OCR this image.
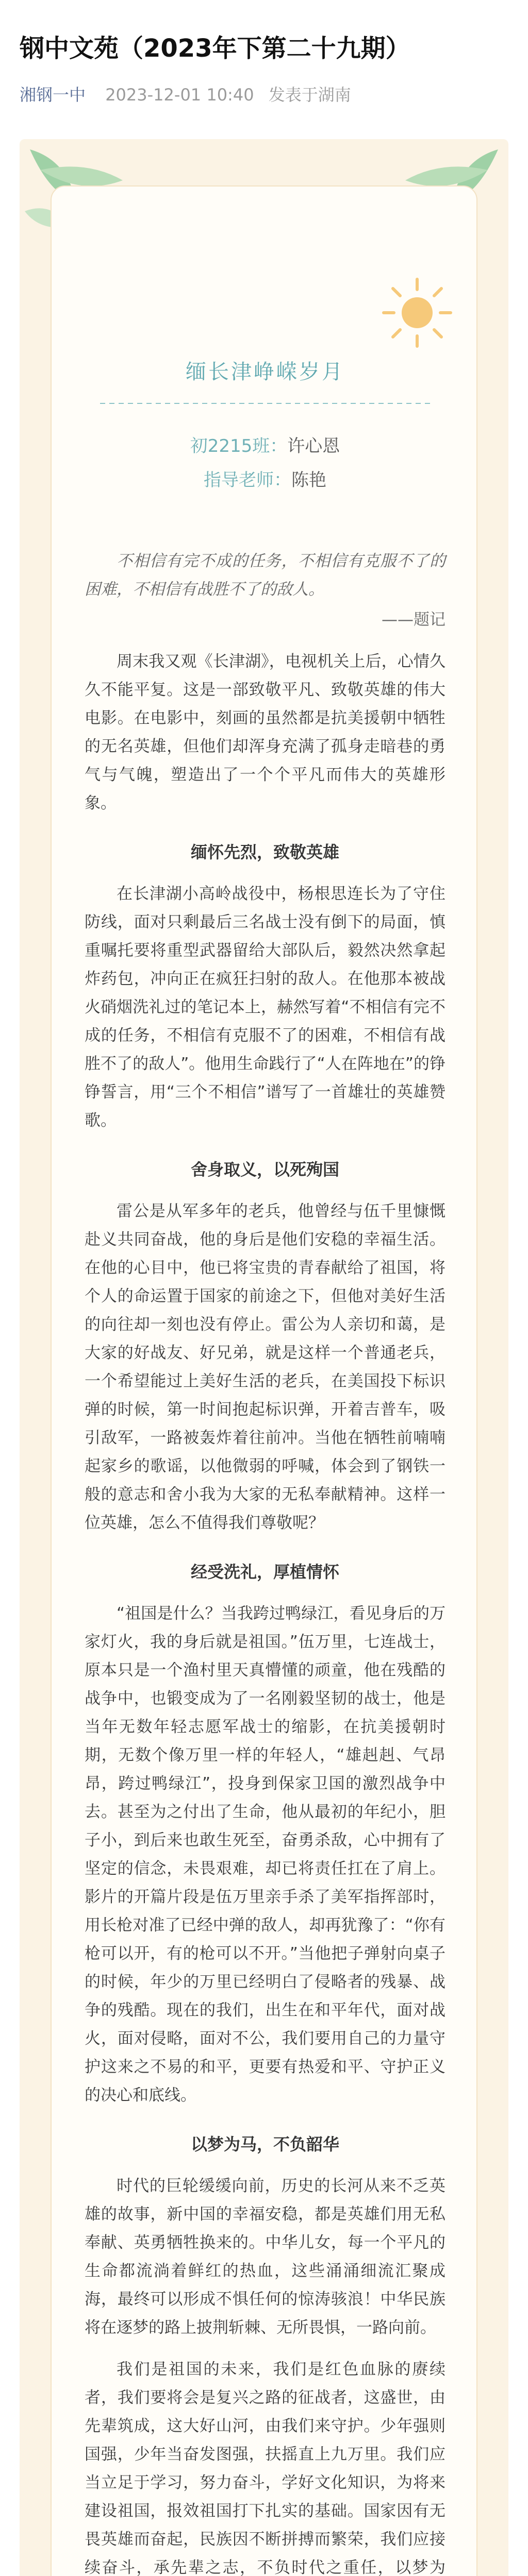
钢中文苑（2023年下第二十九期）
湘钢一中 2023-12-01 10:40 发表于湖南
缅长津峥嵘岁月
初2215班：许心恩
指导老师：陈艳

不相信有完不成的任务，不相信有克服不了的困难，不相信有战胜不了的敌人。

——题记

周末我又观《长津湖》，电视机关上后，心情久久不能平复。这是一部致敬平凡、致敬英雄的伟大电影。在电影中，刻画的虽然都是抗美援朝中牺牲的无名英雄，但他们却浑身充满了孤身走暗巷的勇气与气魄，塑造出了一个个平凡而伟大的英雄形象。

缅怀先烈，致敬英雄

在长津湖小高岭战役中，杨根思连长为了守住防线，面对只剩最后三名战士没有倒下的局面，慎重嘱托要将重型武器留给大部队后，毅然决然拿起炸药包，冲向正在疯狂扫射的敌人。在他那本被战火硝烟洗礼过的笔记本上，赫然写着“不相信有完不成的任务，不相信有克服不了的困难，不相信有战胜不了的敌人”。他用生命践行了“人在阵地在”的铮铮誓言，用“三个不相信”谱写了一首雄壮的英雄赞歌。

舍身取义，以死殉国

雷公是从军多年的老兵，他曾经与伍千里慷慨赴义共同奋战，他的身后是他们安稳的幸福生活。在他的心目中，他已将宝贵的青春献给了祖国，将个人的命运置于国家的前途之下，但他对美好生活的向往却一刻也没有停止。雷公为人亲切和蔼，是大家的好战友、好兄弟，就是这样一个普通老兵，一个希望能过上美好生活的老兵，在美国投下标识弹的时候，第一时间抱起标识弹，开着吉普车，吸引敌军，一路被轰炸着往前冲。当他在牺牲前喃喃起家乡的歌谣，以他微弱的呼喊，体会到了钢铁一般的意志和舍小我为大家的无私奉献精神。这样一位英雄，怎么不值得我们尊敬呢？

经受洗礼，厚植情怀

“祖国是什么？当我跨过鸭绿江，看见身后的万家灯火，我的身后就是祖国。”伍万里，七连战士，原本只是一个渔村里天真懵懂的顽童，他在残酷的战争中，也锻变成为了一名刚毅坚韧的战士，他是当年无数年轻志愿军战士的缩影，在抗美援朝时期，无数个像万里一样的年轻人，“雄赳赳、气昂昂，跨过鸭绿江”，投身到保家卫国的激烈战争中去。甚至为之付出了生命，他从最初的年纪小，胆子小，到后来也敢生死至，奋勇杀敌，心中拥有了坚定的信念，未畏艰难，却已将责任扛在了肩上。影片的开篇片段是伍万里亲手杀了美军指挥部时，用长枪对准了已经中弹的敌人，却再犹豫了：“你有枪可以开，有的枪可以不开。”当他把子弹射向桌子的时候，年少的万里已经明白了侵略者的残暴、战争的残酷。现在的我们，出生在和平年代，面对战火，面对侵略，面对不公，我们要用自己的力量守护这来之不易的和平，更要有热爱和平、守护正义的决心和底线。

以梦为马，不负韶华

时代的巨轮缓缓向前，历史的长河从来不乏英雄的故事，新中国的幸福安稳，都是英雄们用无私奉献、英勇牺牲换来的。中华儿女，每一个平凡的生命都流淌着鲜红的热血，这些涌涌细流汇聚成海，最终可以形成不惧任何的惊涛骇浪！中华民族将在逐梦的路上披荆斩棘、无所畏惧，一路向前。

我们是祖国的未来，我们是红色血脉的赓续者，我们要将会是复兴之路的征战者，这盛世，由先辈筑成，这大好山河，由我们来守护。少年强则国强，少年当奋发图强，扶摇直上九万里。我们应当立足于学习，努力奋斗，学好文化知识，为将来建设祖国，报效祖国打下扎实的基础。国家因有无畏英雄而奋起，民族因不断拼搏而繁荣，我们应接续奋斗，承先辈之志，不负时代之重任，以梦为
